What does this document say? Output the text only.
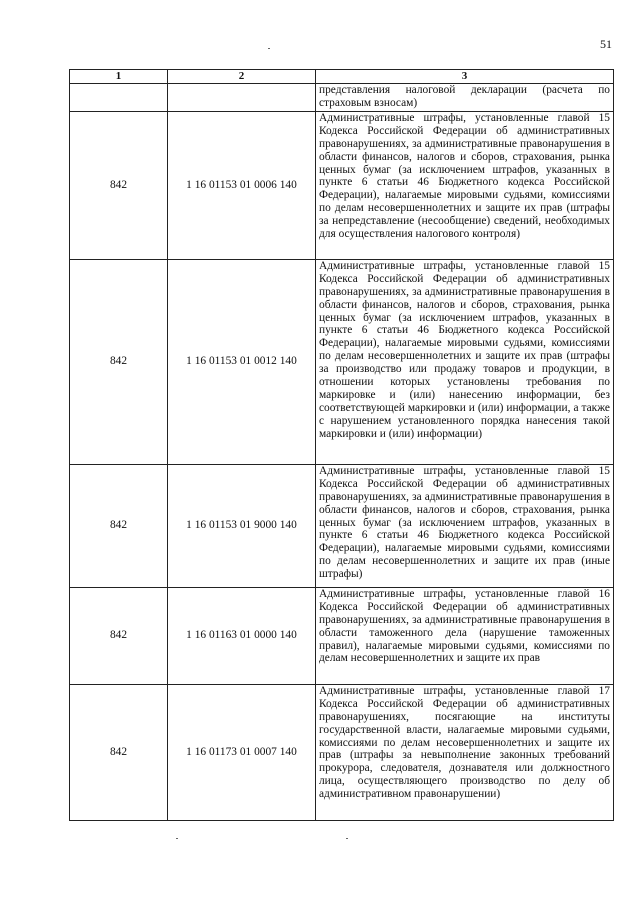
51
1	2	3
		представления налоговой декларации (расчета по страховым взносам)
842	1 16 01153 01 0006 140	Административные штрафы, установленные главой 15 Кодекса Российской Федерации об административных правонарушениях, за административные правонарушения в области финансов, налогов и сборов, страхования, рынка ценных бумаг (за исключением штрафов, указанных в пункте 6 статьи 46 Бюджетного кодекса Российской Федерации), налагаемые мировыми судьями, комиссиями по делам несовершеннолетних и защите их прав (штрафы за непредставление (несообщение) сведений, необходимых для осуществления налогового контроля)
842	1 16 01153 01 0012 140	Административные штрафы, установленные главой 15 Кодекса Российской Федерации об административных правонарушениях, за административные правонарушения в области финансов, налогов и сборов, страхования, рынка ценных бумаг (за исключением штрафов, указанных в пункте 6 статьи 46 Бюджетного кодекса Российской Федерации), налагаемые мировыми судьями, комиссиями по делам несовершеннолетних и защите их прав (штрафы за производство или продажу товаров и продукции, в отношении которых установлены требования по маркировке и (или) нанесению информации, без соответствующей маркировки и (или) информации, а также с нарушением установленного порядка нанесения такой маркировки и (или) информации)
842	1 16 01153 01 9000 140	Административные штрафы, установленные главой 15 Кодекса Российской Федерации об административных правонарушениях, за административные правонарушения в области финансов, налогов и сборов, страхования, рынка ценных бумаг (за исключением штрафов, указанных в пункте 6 статьи 46 Бюджетного кодекса Российской Федерации), налагаемые мировыми судьями, комиссиями по делам несовершеннолетних и защите их прав (иные штрафы)
842	1 16 01163 01 0000 140	Административные штрафы, установленные главой 16 Кодекса Российской Федерации об административных правонарушениях, за административные правонарушения в области таможенного дела (нарушение таможенных правил), налагаемые мировыми судьями, комиссиями по делам несовершеннолетних и защите их прав
842	1 16 01173 01 0007 140	Административные штрафы, установленные главой 17 Кодекса Российской Федерации об административных правонарушениях, посягающие на институты государственной власти, налагаемые мировыми судьями, комиссиями по делам несовершеннолетних и защите их прав (штрафы за невыполнение законных требований прокурора, следователя, дознавателя или должностного лица, осуществляющего производство по делу об административном правонарушении)
